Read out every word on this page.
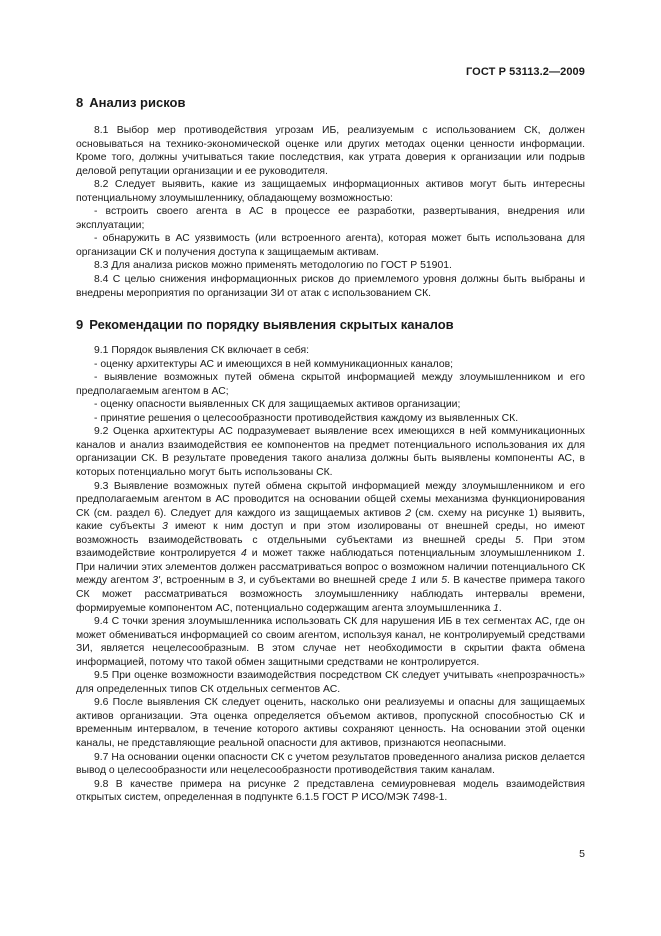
ГОСТ Р 53113.2—2009
8 Анализ рисков

8.1 Выбор мер противодействия угрозам ИБ, реализуемым с использованием СК, должен основываться на технико-экономической оценке или других методах оценки ценности информации. Кроме того, должны учитываться такие последствия, как утрата доверия к организации или подрыв деловой репутации организации и ее руководителя.

8.2 Следует выявить, какие из защищаемых информационных активов могут быть интересны потенциальному злоумышленнику, обладающему возможностью:

- встроить своего агента в АС в процессе ее разработки, развертывания, внедрения или эксплуатации;

- обнаружить в АС уязвимость (или встроенного агента), которая может быть использована для организации СК и получения доступа к защищаемым активам.

8.3 Для анализа рисков можно применять методологию по ГОСТ Р 51901.

8.4 С целью снижения информационных рисков до приемлемого уровня должны быть выбраны и внедрены мероприятия по организации ЗИ от атак с использованием СК.

9 Рекомендации по порядку выявления скрытых каналов

9.1 Порядок выявления СК включает в себя:

- оценку архитектуры АС и имеющихся в ней коммуникационных каналов;

- выявление возможных путей обмена скрытой информацией между злоумышленником и его предполагаемым агентом в АС;

- оценку опасности выявленных СК для защищаемых активов организации;

- принятие решения о целесообразности противодействия каждому из выявленных СК.

9.2 Оценка архитектуры АС подразумевает выявление всех имеющихся в ней коммуникационных каналов и анализ взаимодействия ее компонентов на предмет потенциального использования их для организации СК. В результате проведения такого анализа должны быть выявлены компоненты АС, в которых потенциально могут быть использованы СК.

9.3 Выявление возможных путей обмена скрытой информацией между злоумышленником и его предполагаемым агентом в АС проводится на основании общей схемы механизма функционирования СК (см. раздел 6). Следует для каждого из защищаемых активов 2 (см. схему на рисунке 1) выявить, какие субъекты 3 имеют к ним доступ и при этом изолированы от внешней среды, но имеют возможность взаимодействовать с отдельными субъектами из внешней среды 5. При этом взаимодействие контролируется 4 и может также наблюдаться потенциальным злоумышленником 1. При наличии этих элементов должен рассматриваться вопрос о возможном наличии потенциального СК между агентом 3', встроенным в 3, и субъектами во внешней среде 1 или 5. В качестве примера такого СК может рассматриваться возможность злоумышленнику наблюдать интервалы времени, формируемые компонентом АС, потенциально содержащим агента злоумышленника 1.

9.4 С точки зрения злоумышленника использовать СК для нарушения ИБ в тех сегментах АС, где он может обмениваться информацией со своим агентом, используя канал, не контролируемый средствами ЗИ, является нецелесообразным. В этом случае нет необходимости в скрытии факта обмена информацией, потому что такой обмен защитными средствами не контролируется.

9.5 При оценке возможности взаимодействия посредством СК следует учитывать «непрозрачность» для определенных типов СК отдельных сегментов АС.

9.6 После выявления СК следует оценить, насколько они реализуемы и опасны для защищаемых активов организации. Эта оценка определяется объемом активов, пропускной способностью СК и временным интервалом, в течение которого активы сохраняют ценность. На основании этой оценки каналы, не представляющие реальной опасности для активов, признаются неопасными.

9.7 На основании оценки опасности СК с учетом результатов проведенного анализа рисков делается вывод о целесообразности или нецелесообразности противодействия таким каналам.

9.8 В качестве примера на рисунке 2 представлена семиуровневая модель взаимодействия открытых систем, определенная в подпункте 6.1.5 ГОСТ Р ИСО/МЭК 7498-1.

5
